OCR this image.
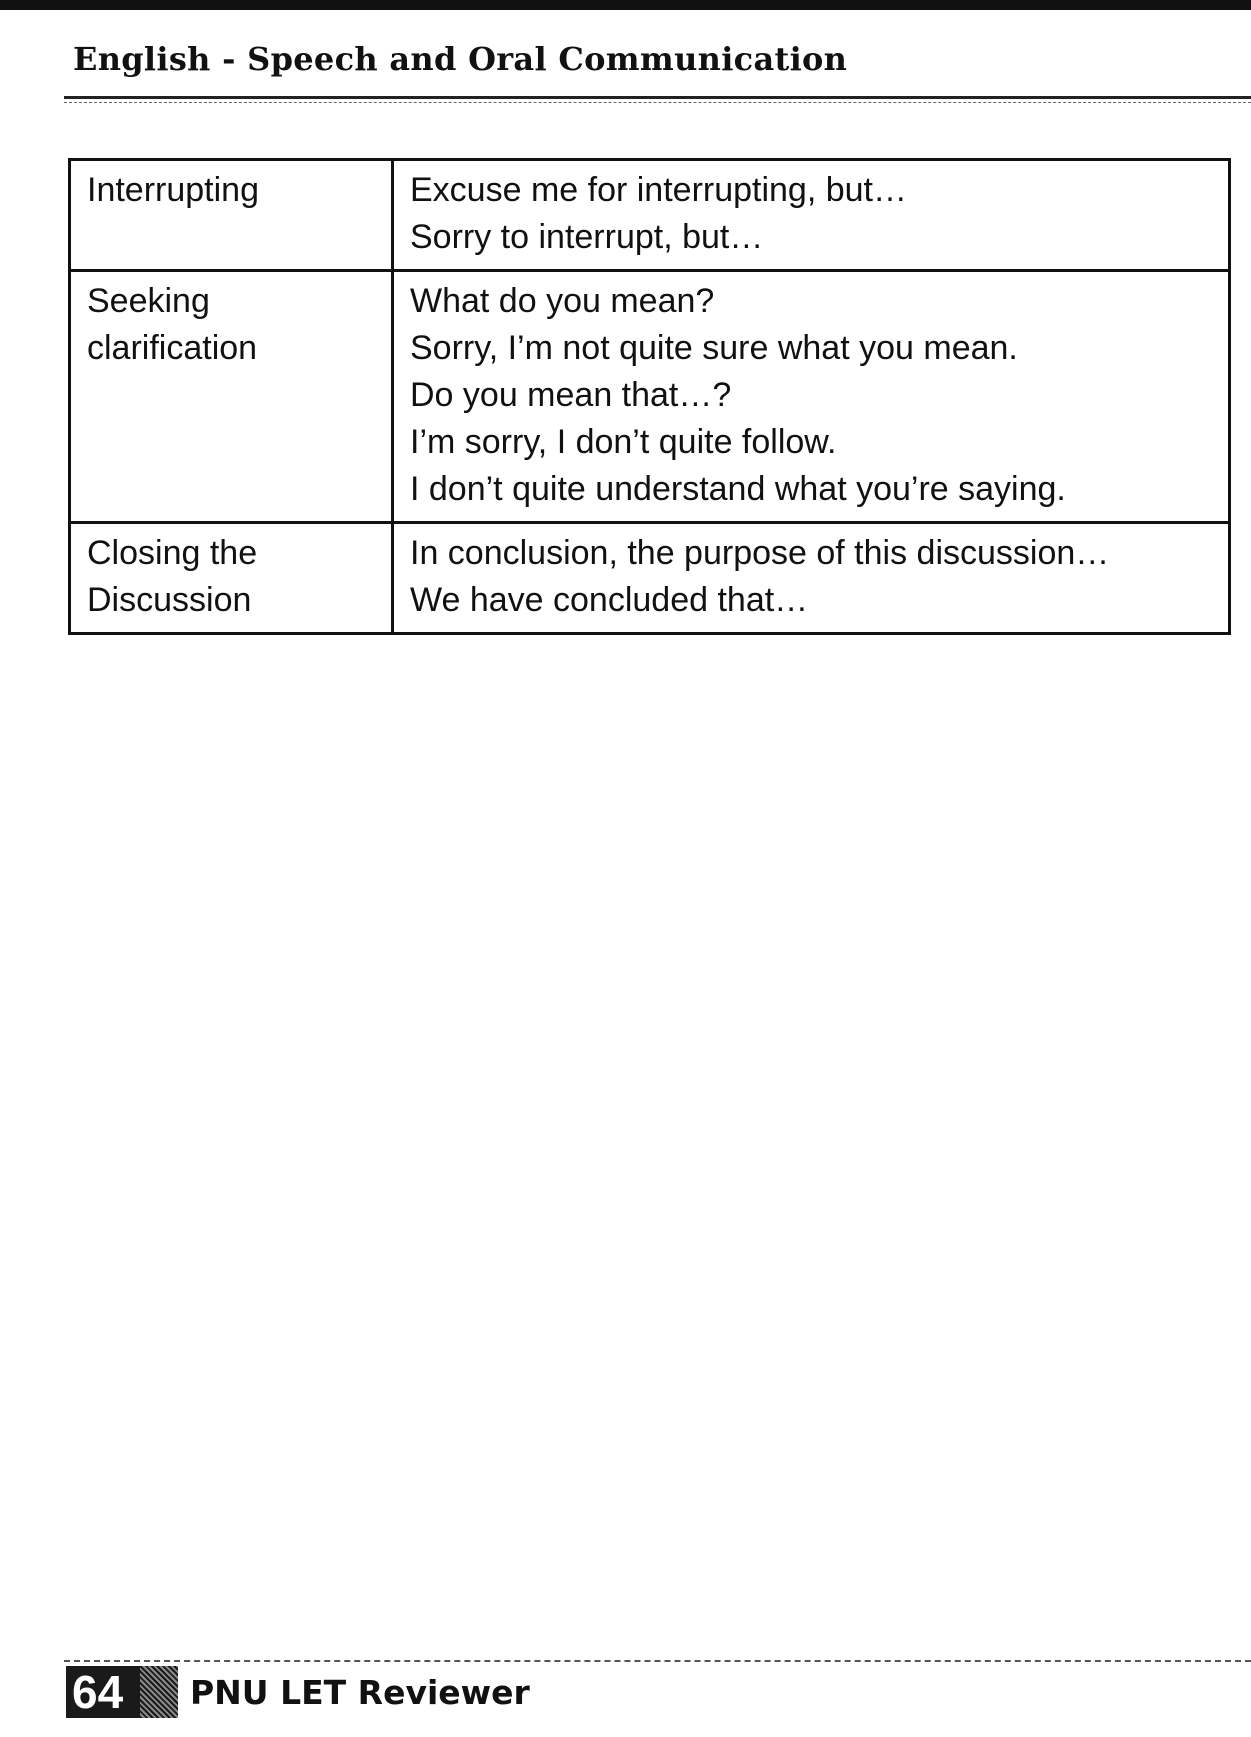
English - Speech and Oral Communication
Interrupting	Excuse me for interrupting, but…
Sorry to interrupt, but…

Seeking
clarification	What do you mean?
Sorry, I’m not quite sure what you mean.
Do you mean that…?
I’m sorry, I don’t quite follow.
I don’t quite understand what you’re saying.

Closing the
Discussion	In conclusion, the purpose of this discussion…
We have concluded that…
64	PNU LET Reviewer
